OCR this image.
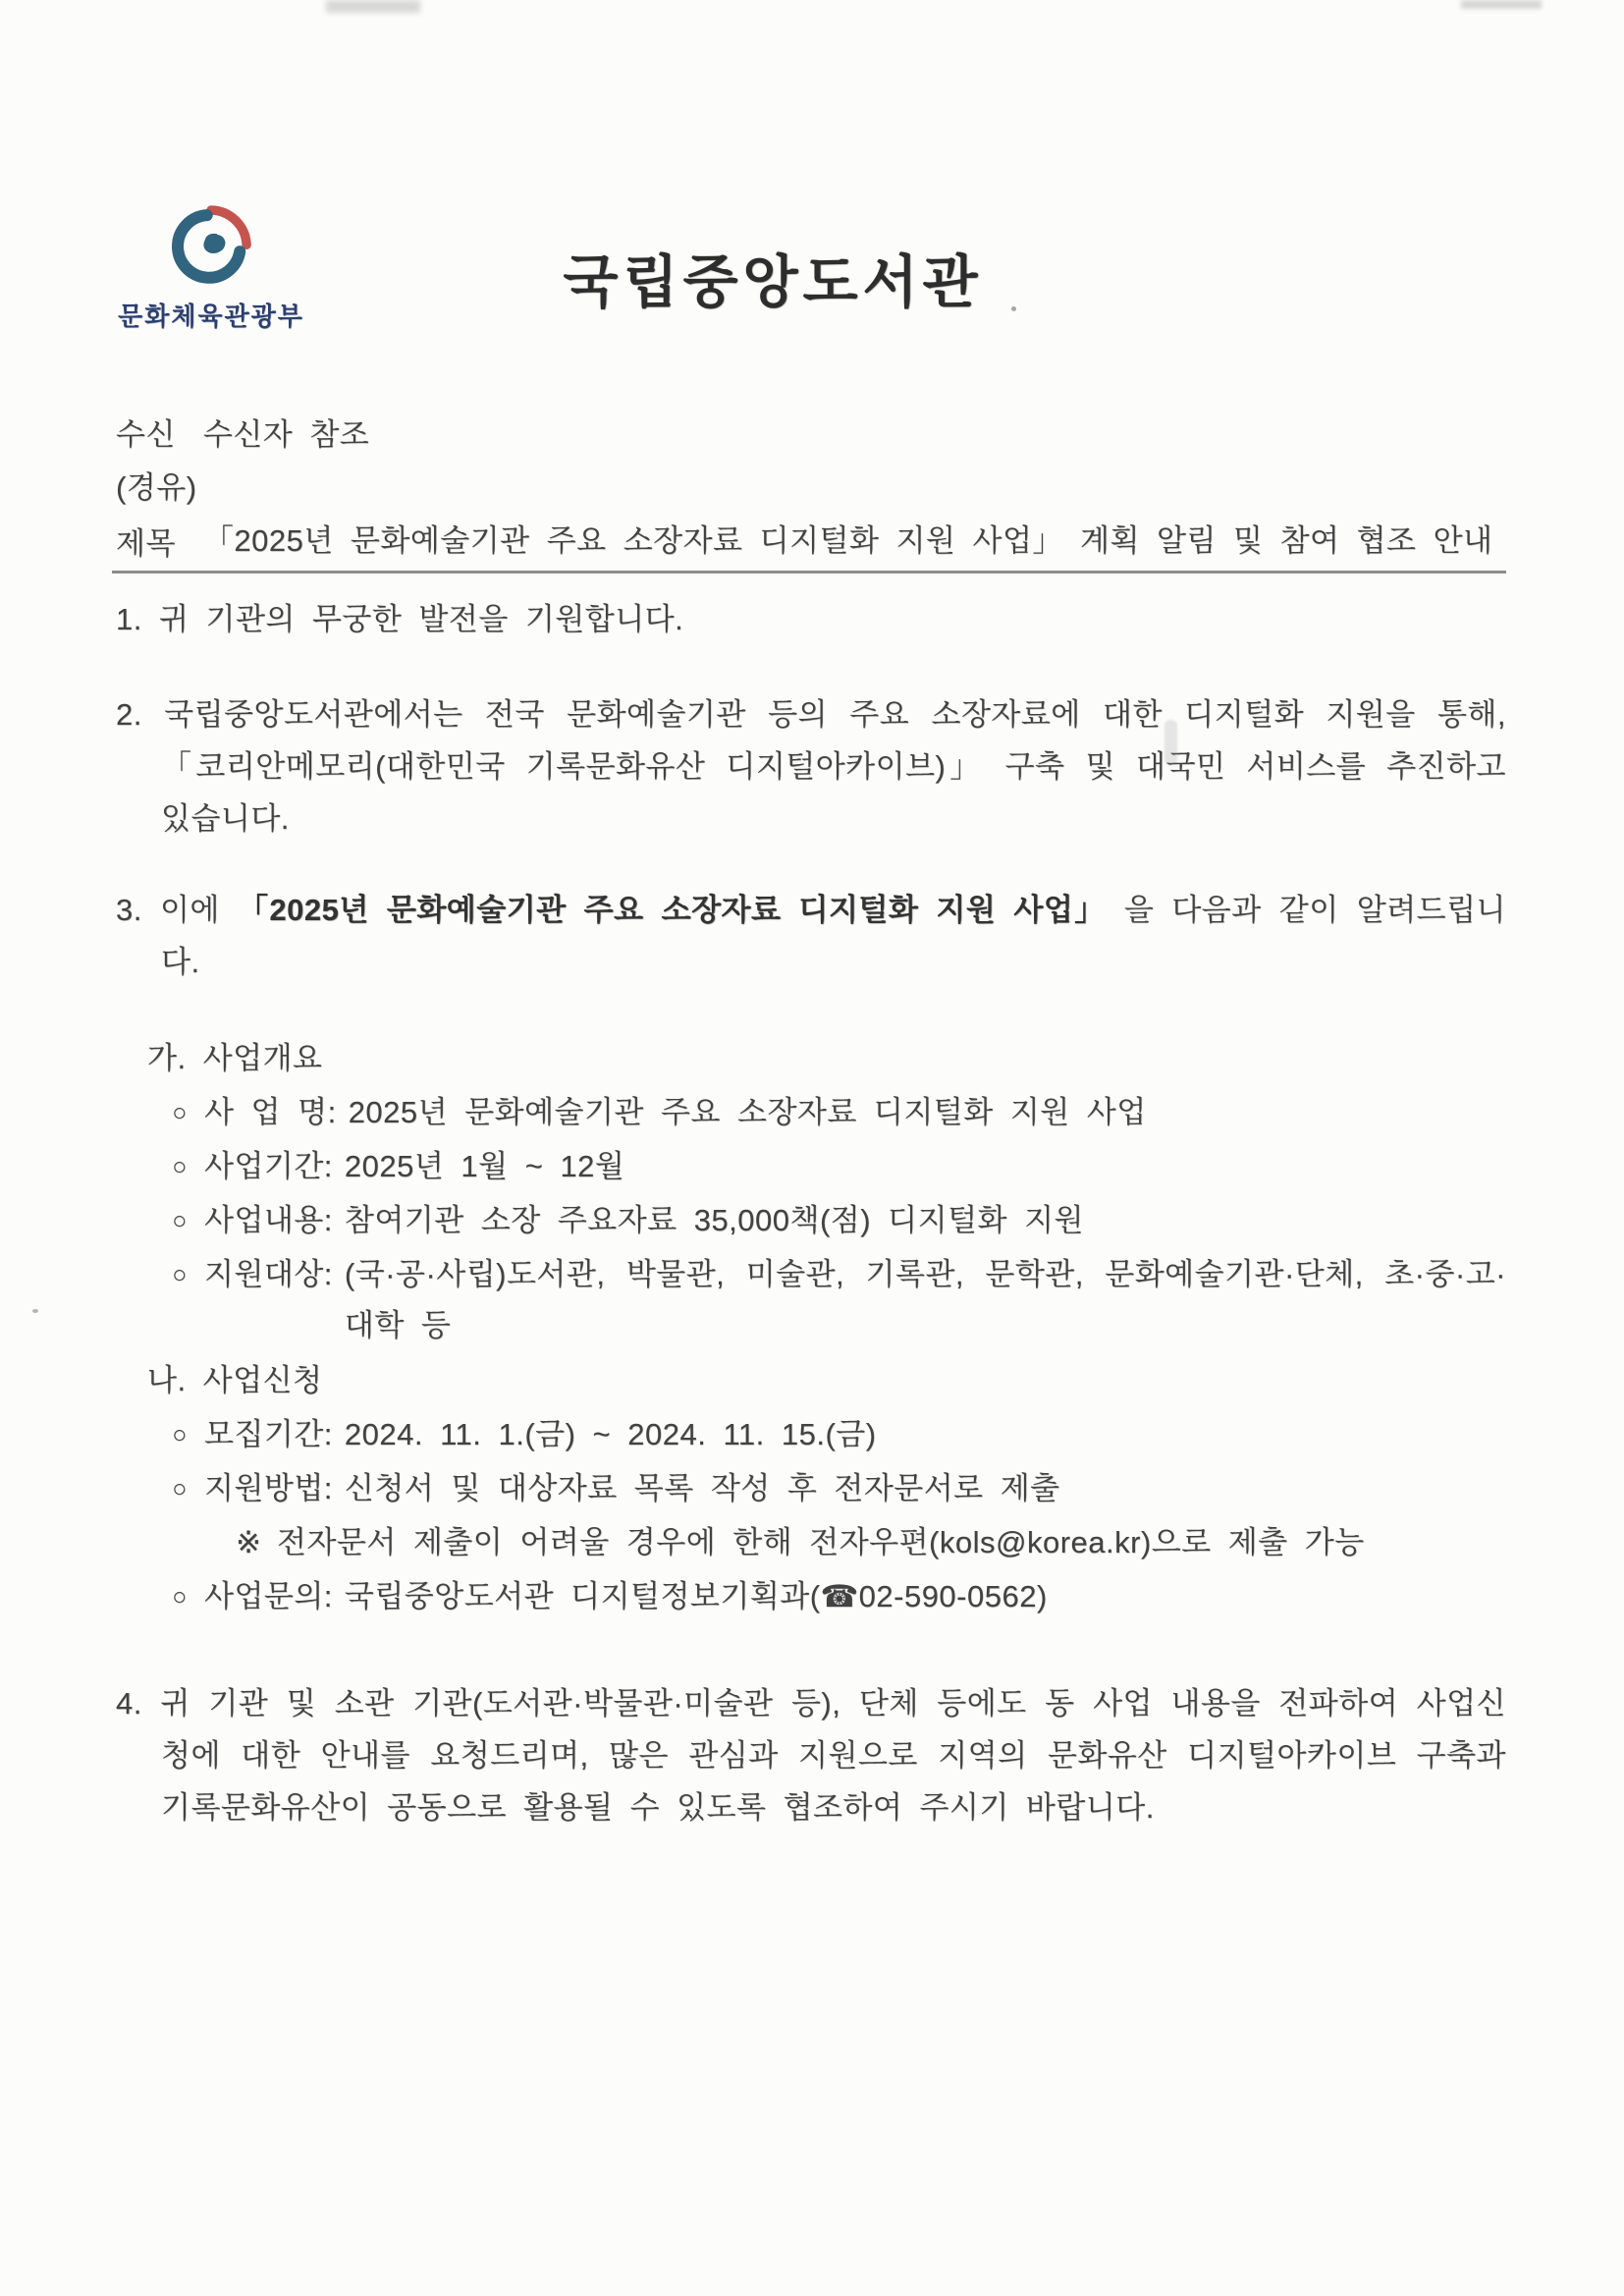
문화체육관광부
국립중앙도서관
수신 수신자 참조
(경유)
제목 「2025년 문화예술기관 주요 소장자료 디지털화 지원 사업」 계획 알림 및 참여 협조 안내

1. 귀 기관의 무궁한 발전을 기원합니다.

2. 국립중앙도서관에서는 전국 문화예술기관 등의 주요 소장자료에 대한 디지털화 지원을 통해, 「코리안메모리(대한민국 기록문화유산 디지털아카이브)」 구축 및 대국민 서비스를 추진하고 있습니다.

3. 이에 「2025년 문화예술기관 주요 소장자료 디지털화 지원 사업」 을 다음과 같이 알려드립니다.

가. 사업개요
○ 사 업 명: 2025년 문화예술기관 주요 소장자료 디지털화 지원 사업
○ 사업기간: 2025년 1월 ~ 12월
○ 사업내용: 참여기관 소장 주요자료 35,000책(점) 디지털화 지원
○ 지원대상: (국·공·사립)도서관, 박물관, 미술관, 기록관, 문학관, 문화예술기관·단체, 초·중·고·대학 등
나. 사업신청
○ 모집기간: 2024. 11. 1.(금) ~ 2024. 11. 15.(금)
○ 지원방법: 신청서 및 대상자료 목록 작성 후 전자문서로 제출
※ 전자문서 제출이 어려울 경우에 한해 전자우편(kols@korea.kr)으로 제출 가능
○ 사업문의: 국립중앙도서관 디지털정보기획과(☎02-590-0562)

4. 귀 기관 및 소관 기관(도서관·박물관·미술관 등), 단체 등에도 동 사업 내용을 전파하여 사업신청에 대한 안내를 요청드리며, 많은 관심과 지원으로 지역의 문화유산 디지털아카이브 구축과 기록문화유산이 공동으로 활용될 수 있도록 협조하여 주시기 바랍니다.
